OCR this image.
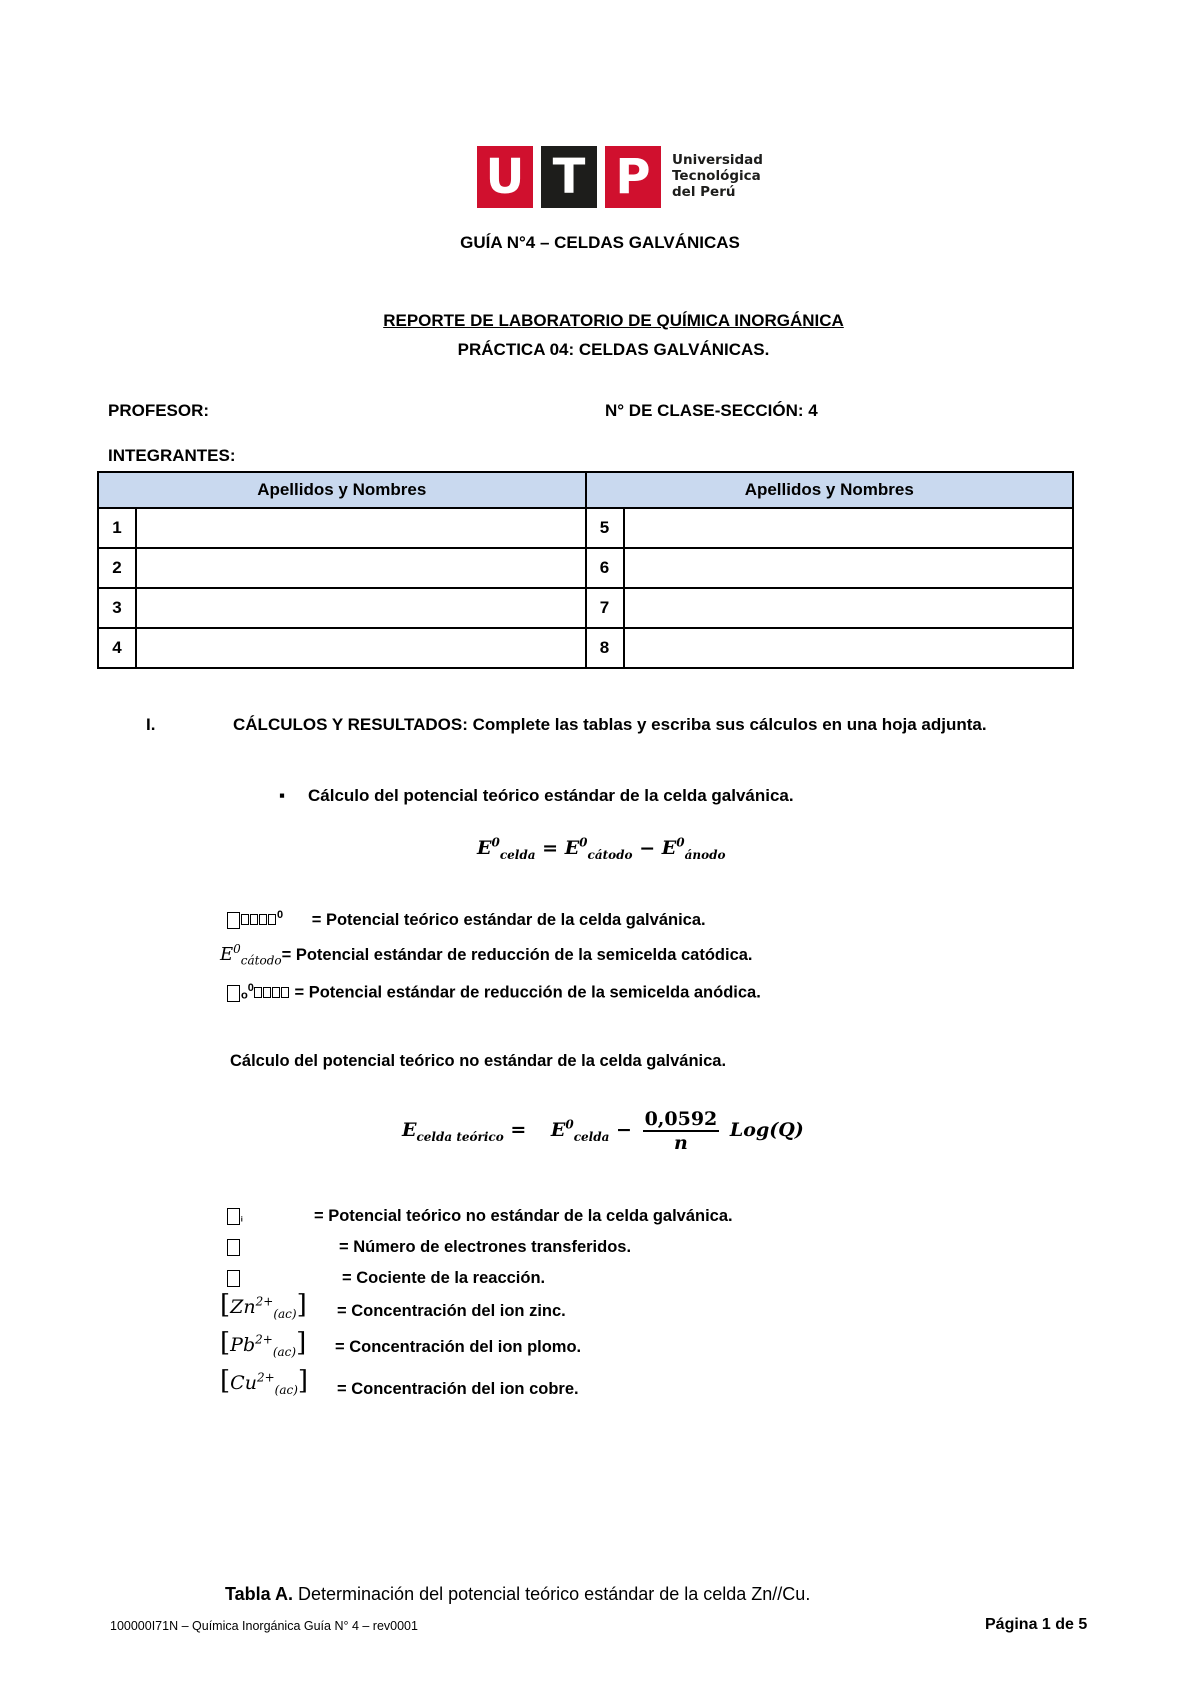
U T P	Universidad
Tecnológica
del Perú
GUÍA N°4 – CELDAS GALVÁNICAS
REPORTE DE LABORATORIO DE QUÍMICA INORGÁNICA
PRÁCTICA 04: CELDAS GALVÁNICAS.
PROFESOR:	N° DE CLASE-SECCIÓN: 4
INTEGRANTES:
Apellidos y Nombres		Apellidos y Nombres	
1		5	
2		6	
3		7	
4		8	
I.	CÁLCULOS Y RESULTADOS: Complete las tablas y escriba sus cálculos en una hoja adjunta.
▪ Cálculo del potencial teórico estándar de la celda galvánica.
$E^0_{celda} = E^0_{cátodo} - E^0_{ánodo}$
$^0$ = Potencial teórico estándar de la celda galvánica.
$E^0_{cátodo}=$ Potencial estándar de reducción de la semicelda catódica.
ₒ$^0$ = Potencial estándar de reducción de la semicelda anódica.
Cálculo del potencial teórico no estándar de la celda galvánica.
$E_{celda teórico} = E^0_{celda} - \frac{0,0592}{n} Log(Q)$
ᵢ	= Potencial teórico no estándar de la celda galvánica.
= Número de electrones transferidos.
= Cociente de la reacción.
$[Zn^{2+}_{(ac)}]$ = Concentración del ion zinc.
$[Pb^{2+}_{(ac)}]$ = Concentración del ion plomo.
$[Cu^{2+}_{(ac)}]$ = Concentración del ion cobre.
Tabla A. Determinación del potencial teórico estándar de la celda Zn//Cu.
100000I71N – Química Inorgánica Guía N° 4 – rev0001	Página 1 de 5
